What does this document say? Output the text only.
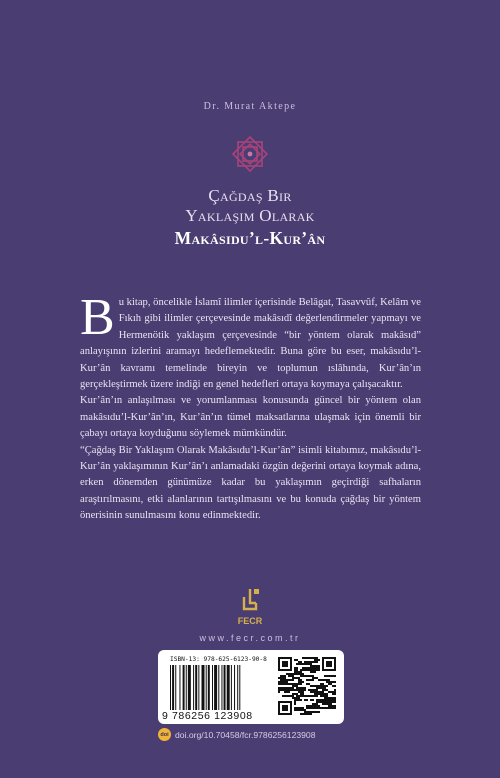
Dr. Murat Aktepe
Çağdaş Bir
Yaklaşım Olarak
Makâsıdu’l-Kur’ân

Bu kitap, öncelikle İslamî ilimler içerisinde Belâgat, Tasavvûf, Kelâm ve Fıkıh gibi ilimler çerçevesinde makâsıdî değerlendirmeler yapmayı ve Hermenötik yaklaşım çerçevesinde “bir yöntem olarak makâsıd” anlayışının izlerini aramayı hedeflemektedir. Buna göre bu eser, makâsıdu’l-Kur’ân kavramı temelinde bireyin ve toplumun ıslâhında, Kur’ân’ın gerçekleştirmek üzere indiği en genel hedefleri ortaya koymaya çalışacaktır.

Kur’ân’ın anlaşılması ve yorumlanması konusunda güncel bir yöntem olan makâsıdu’l-Kur’ân’ın, Kur’ân’ın tümel maksatlarına ulaşmak için önemli bir çabayı ortaya koyduğunu söylemek mümkündür.

“Çağdaş Bir Yaklaşım Olarak Makâsıdu’l-Kur’ân” isimli kitabımız, makâsıdu’l-Kur’ân yaklaşımının Kur’ân’ı anlamadaki özgün değerini ortaya koymak adına, erken dönemden günümüze kadar bu yaklaşımın geçirdiği safhaların araştırılmasını, etki alanlarının tartışılmasını ve bu konuda çağdaş bir yöntem önerisinin sunulmasını konu edinmektedir.

FECR
www.fecr.com.tr
ISBN-13: 978-625-6123-90-8
9 786256 123908
doi doi.org/10.70458/fcr.9786256123908
